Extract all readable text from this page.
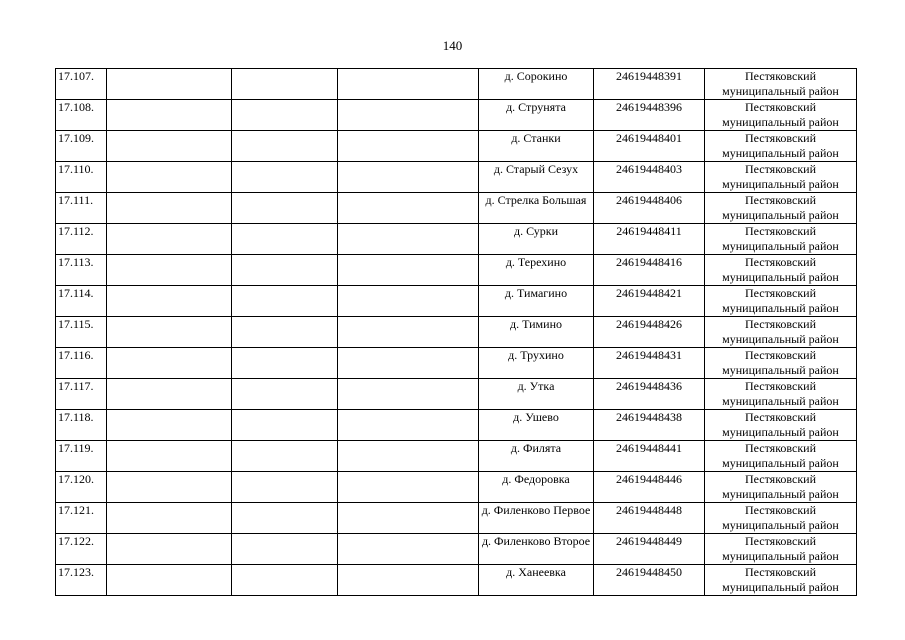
140
17.107.				д. Сорокино	24619448391	Пестяковский муниципальный район
17.108.				д. Струнята	24619448396	Пестяковский муниципальный район
17.109.				д. Станки	24619448401	Пестяковский муниципальный район
17.110.				д. Старый Сезух	24619448403	Пестяковский муниципальный район
17.111.				д. Стрелка Большая	24619448406	Пестяковский муниципальный район
17.112.				д. Сурки	24619448411	Пестяковский муниципальный район
17.113.				д. Терехино	24619448416	Пестяковский муниципальный район
17.114.				д. Тимагино	24619448421	Пестяковский муниципальный район
17.115.				д. Тимино	24619448426	Пестяковский муниципальный район
17.116.				д. Трухино	24619448431	Пестяковский муниципальный район
17.117.				д. Утка	24619448436	Пестяковский муниципальный район
17.118.				д. Ушево	24619448438	Пестяковский муниципальный район
17.119.				д. Филята	24619448441	Пестяковский муниципальный район
17.120.				д. Федоровка	24619448446	Пестяковский муниципальный район
17.121.				д. Филенково Первое	24619448448	Пестяковский муниципальный район
17.122.				д. Филенково Второе	24619448449	Пестяковский муниципальный район
17.123.				д. Ханеевка	24619448450	Пестяковский муниципальный район
